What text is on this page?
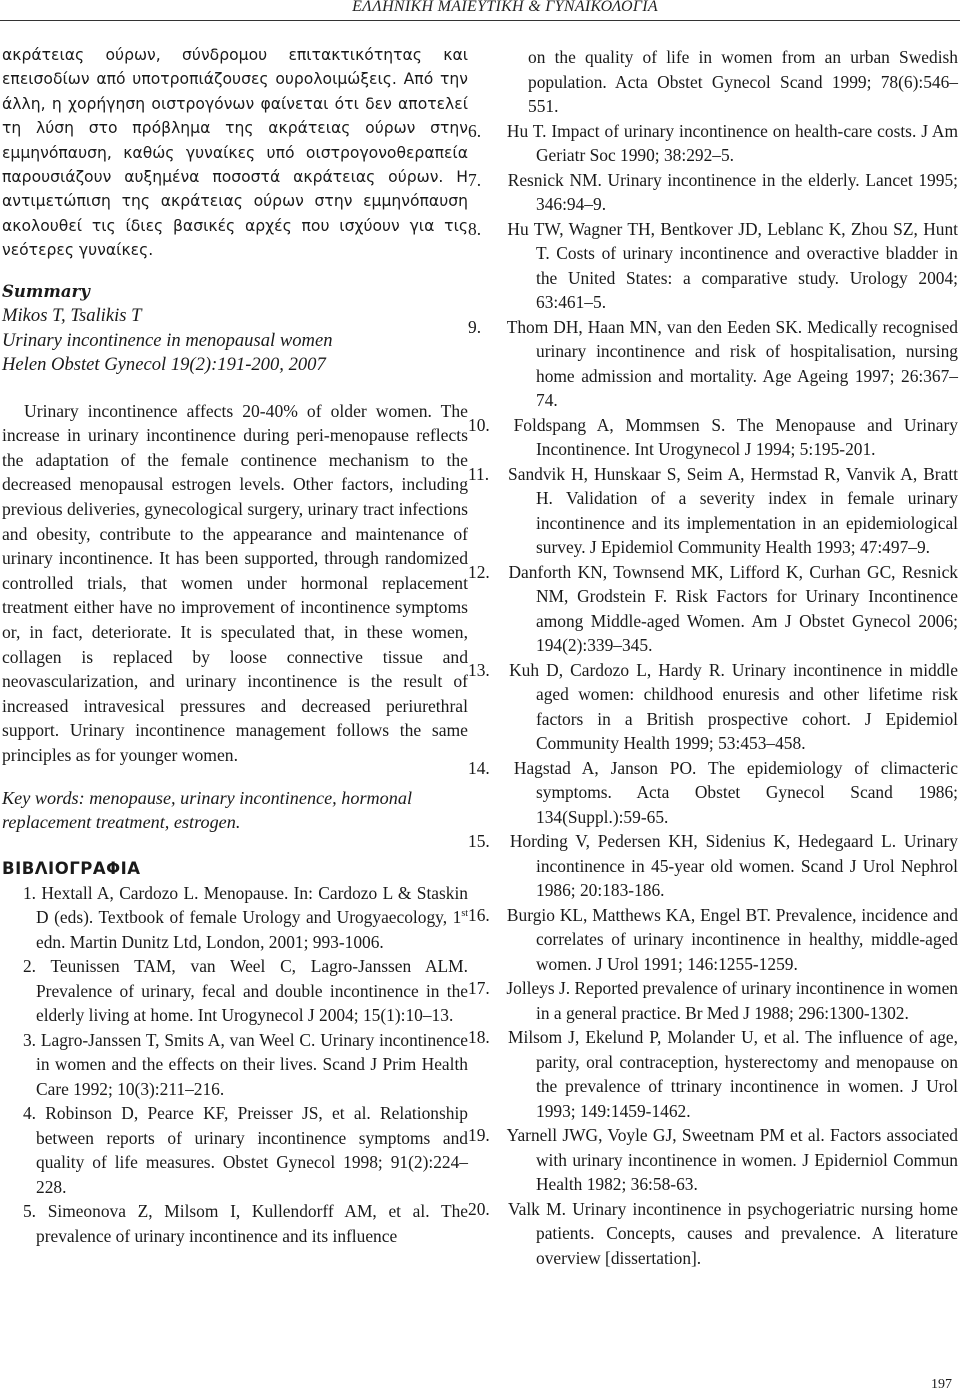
ΕΛΛΗΝΙΚΗ ΜΑΙΕΥΤΙΚΗ & ΓΥΝΑΙΚΟΛΟΓΙΑ

ακράτειας ούρων, σύνδρομου επιτακτικότητας και επεισοδίων από υποτροπιάζουσες ουρολοιμώξεις. Από την άλλη, η χορήγηση οιστρογόνων φαίνεται ότι δεν αποτελεί τη λύση στο πρόβλημα της ακράτειας ούρων στην εμμηνόπαυση, καθώς γυναίκες υπό οιστρογονοθεραπεία παρουσιάζουν αυξημένα ποσοστά ακράτειας ούρων. Η αντιμετώπιση της ακράτειας ούρων στην εμμηνόπαυση ακολουθεί τις ίδιες βασικές αρχές που ισχύουν για τις νεότερες γυναίκες.

Summary
Mikos T, Tsalikis T
Urinary incontinence in menopausal women
Helen Obstet Gynecol 19(2):191-200, 2007

Urinary incontinence affects 20-40% of older women. The increase in urinary incontinence during peri-menopause reflects the adaptation of the female continence mechanism to the decreased menopausal estrogen levels. Other factors, including previous deliveries, gynecological surgery, urinary tract infections and obesity, contribute to the appearance and maintenance of urinary incontinence. It has been supported, through randomized controlled trials, that women under hormonal replacement treatment either have no improvement of incontinence symptoms or, in fact, deteriorate. It is speculated that, in these women, collagen is replaced by loose connective tissue and neovascularization, and urinary incontinence is the result of increased intravesical pressures and decreased periurethral support. Urinary incontinence management follows the same principles as for younger women.

Key words: menopause, urinary incontinence, hormonal replacement treatment, estrogen.
ΒΙΒΛΙΟΓΡΑΦΙΑ
1. Hextall A, Cardozo L. Menopause. In: Cardozo L & Staskin D (eds). Textbook of female Urology and Urogyaecology, 1st edn. Martin Dunitz Ltd, London, 2001; 993-1006.
2. Teunissen TAM, van Weel C, Lagro-Janssen ALM. Prevalence of urinary, fecal and double incontinence in the elderly living at home. Int Urogynecol J 2004; 15(1):10–13.
3. Lagro-Janssen T, Smits A, van Weel C. Urinary incontinence in women and the effects on their lives. Scand J Prim Health Care 1992; 10(3):211–216.
4. Robinson D, Pearce KF, Preisser JS, et al. Relationship between reports of urinary incontinence symptoms and quality of life measures. Obstet Gynecol 1998; 91(2):224–228.
5. Simeonova Z, Milsom I, Kullendorff AM, et al. The prevalence of urinary incontinence and its influence

on the quality of life in women from an urban Swedish population. Acta Obstet Gynecol Scand 1999; 78(6):546–551.

6. Hu T. Impact of urinary incontinence on health-care costs. J Am Geriatr Soc 1990; 38:292–5.
7. Resnick NM. Urinary incontinence in the elderly. Lancet 1995; 346:94–9.
8. Hu TW, Wagner TH, Bentkover JD, Leblanc K, Zhou SZ, Hunt T. Costs of urinary incontinence and overactive bladder in the United States: a comparative study. Urology 2004; 63:461–5.
9. Thom DH, Haan MN, van den Eeden SK. Medically recognised urinary incontinence and risk of hospitalisation, nursing home admission and mortality. Age Ageing 1997; 26:367–74.
10. Foldspang A, Mommsen S. The Menopause and Urinary Incontinence. Int Urogynecol J 1994; 5:195-201.
11. Sandvik H, Hunskaar S, Seim A, Hermstad R, Vanvik A, Bratt H. Validation of a severity index in female urinary incontinence and its implementation in an epidemiological survey. J Epidemiol Community Health 1993; 47:497–9.
12. Danforth KN, Townsend MK, Lifford K, Curhan GC, Resnick NM, Grodstein F. Risk Factors for Urinary Incontinence among Middle-aged Women. Am J Obstet Gynecol 2006; 194(2):339–345.
13. Kuh D, Cardozo L, Hardy R. Urinary incontinence in middle aged women: childhood enuresis and other lifetime risk factors in a British prospective cohort. J Epidemiol Community Health 1999; 53:453–458.
14. Hagstad A, Janson PO. The epidemiology of climacteric symptoms. Acta Obstet Gynecol Scand 1986; 134(Suppl.):59-65.
15. Hording V, Pedersen KH, Sidenius K, Hedegaard L. Urinary incontinence in 45-year old women. Scand J Urol Nephrol 1986; 20:183-186.
16. Burgio KL, Matthews KA, Engel BT. Prevalence, incidence and correlates of urinary incontinence in healthy, middle-aged women. J Urol 1991; 146:1255-1259.
17. Jolleys J. Reported prevalence of urinary incontinence in women in a general practice. Br Med J 1988; 296:1300-1302.
18. Milsom J, Ekelund P, Molander U, et al. The influence of age, parity, oral contraception, hysterectomy and menopause on the prevalence of ttrinary incontinence in women. J Urol 1993; 149:1459-1462.
19. Yarnell JWG, Voyle GJ, Sweetnam PM et al. Factors associated with urinary incontinence in women. J Epiderniol Commun Health 1982; 36:58-63.
20. Valk M. Urinary incontinence in psychogeriatric nursing home patients. Concepts, causes and prevalence. A literature overview [dissertation].
197
